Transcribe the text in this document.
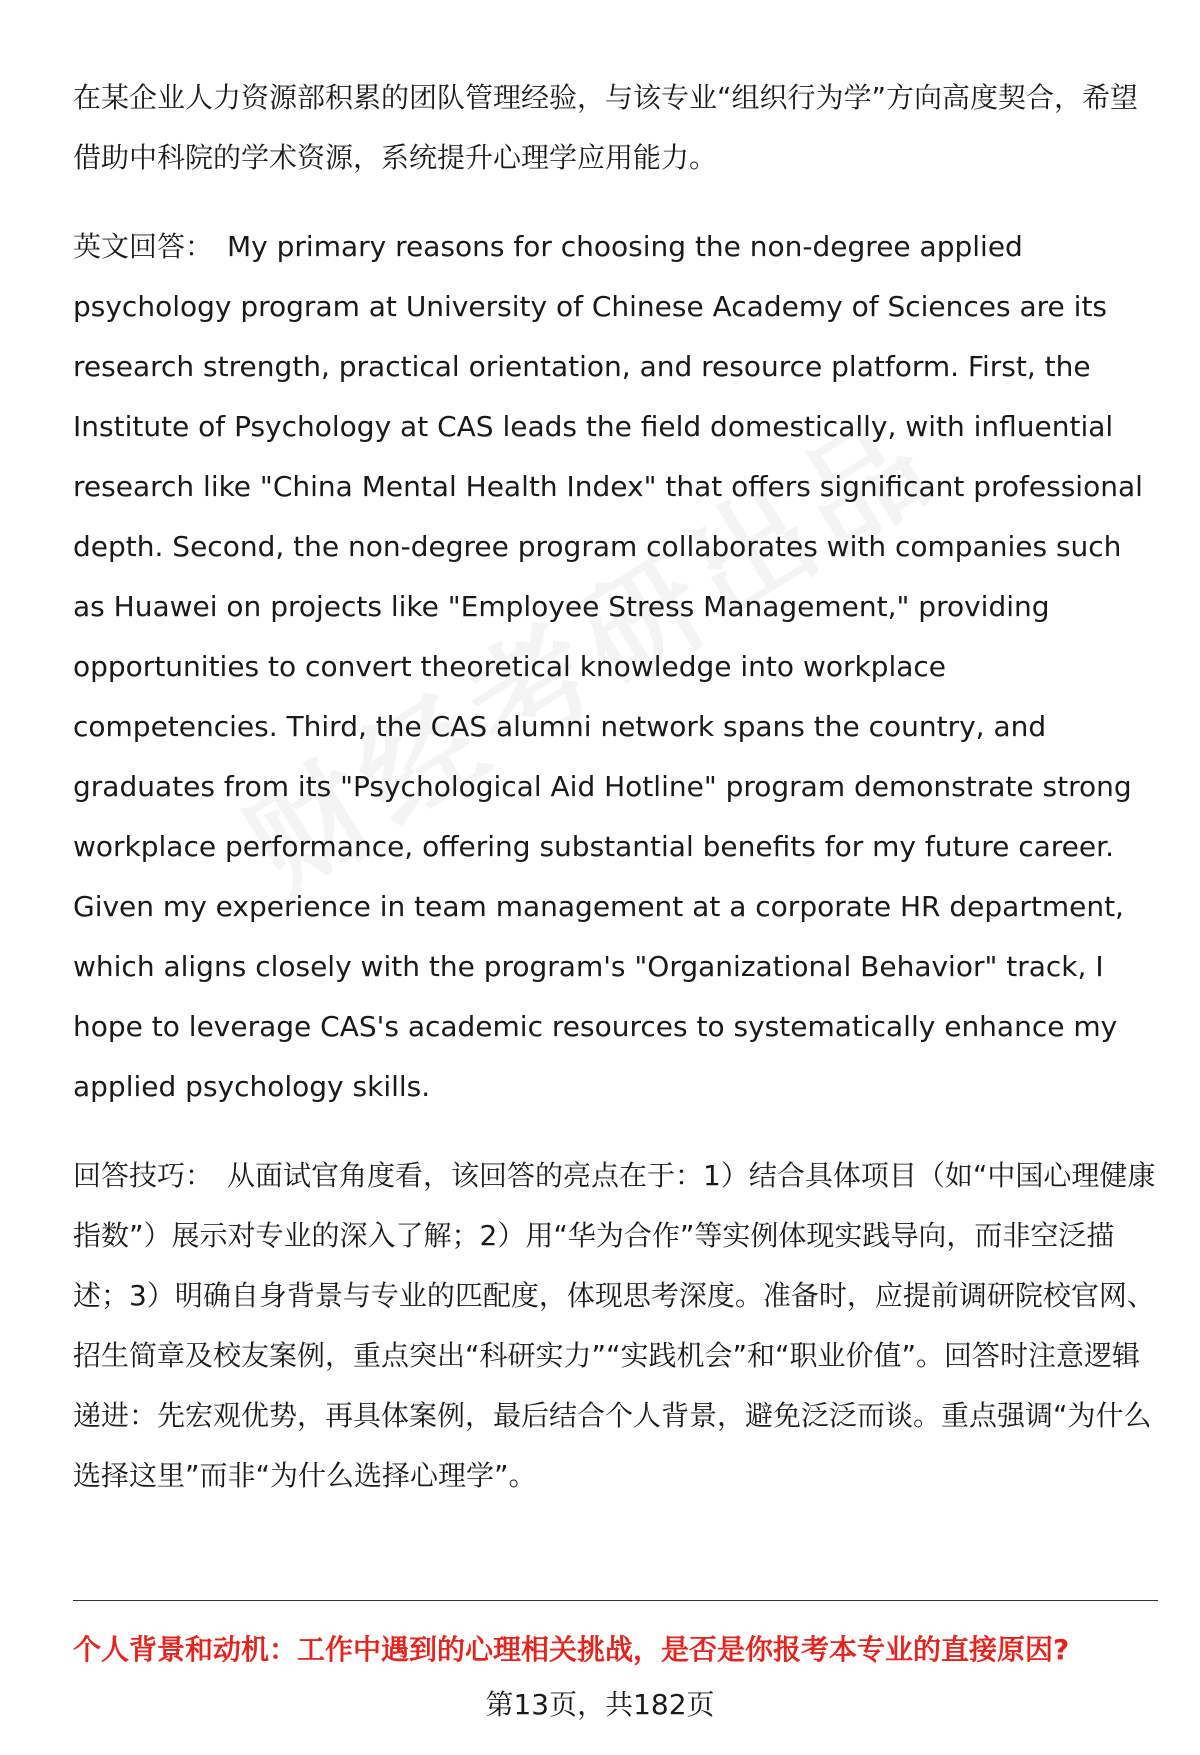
在某企业人力资源部积累的团队管理经验，与该专业“组织行为学”方向高度契合，希望借助中科院的学术资源，系统提升心理学应用能力。

英文回答： My primary reasons for choosing the non-degree applied psychology program at University of Chinese Academy of Sciences are its research strength, practical orientation, and resource platform. First, the Institute of Psychology at CAS leads the field domestically, with influential research like "China Mental Health Index" that offers significant professional depth. Second, the non-degree program collaborates with companies such as Huawei on projects like "Employee Stress Management," providing opportunities to convert theoretical knowledge into workplace competencies. Third, the CAS alumni network spans the country, and graduates from its "Psychological Aid Hotline" program demonstrate strong workplace performance, offering substantial benefits for my future career. Given my experience in team management at a corporate HR department, which aligns closely with the program's "Organizational Behavior" track, I hope to leverage CAS's academic resources to systematically enhance my applied psychology skills.

回答技巧： 从面试官角度看，该回答的亮点在于：1）结合具体项目（如“中国心理健康指数”）展示对专业的深入了解；2）用“华为合作”等实例体现实践导向，而非空泛描述；3）明确自身背景与专业的匹配度，体现思考深度。准备时，应提前调研院校官网、招生简章及校友案例，重点突出“科研实力”“实践机会”和“职业价值”。回答时注意逻辑递进：先宏观优势，再具体案例，最后结合个人背景，避免泛泛而谈。重点强调“为什么选择这里”而非“为什么选择心理学”。

个人背景和动机：工作中遇到的心理相关挑战，是否是你报考本专业的直接原因?
第13页，共182页
